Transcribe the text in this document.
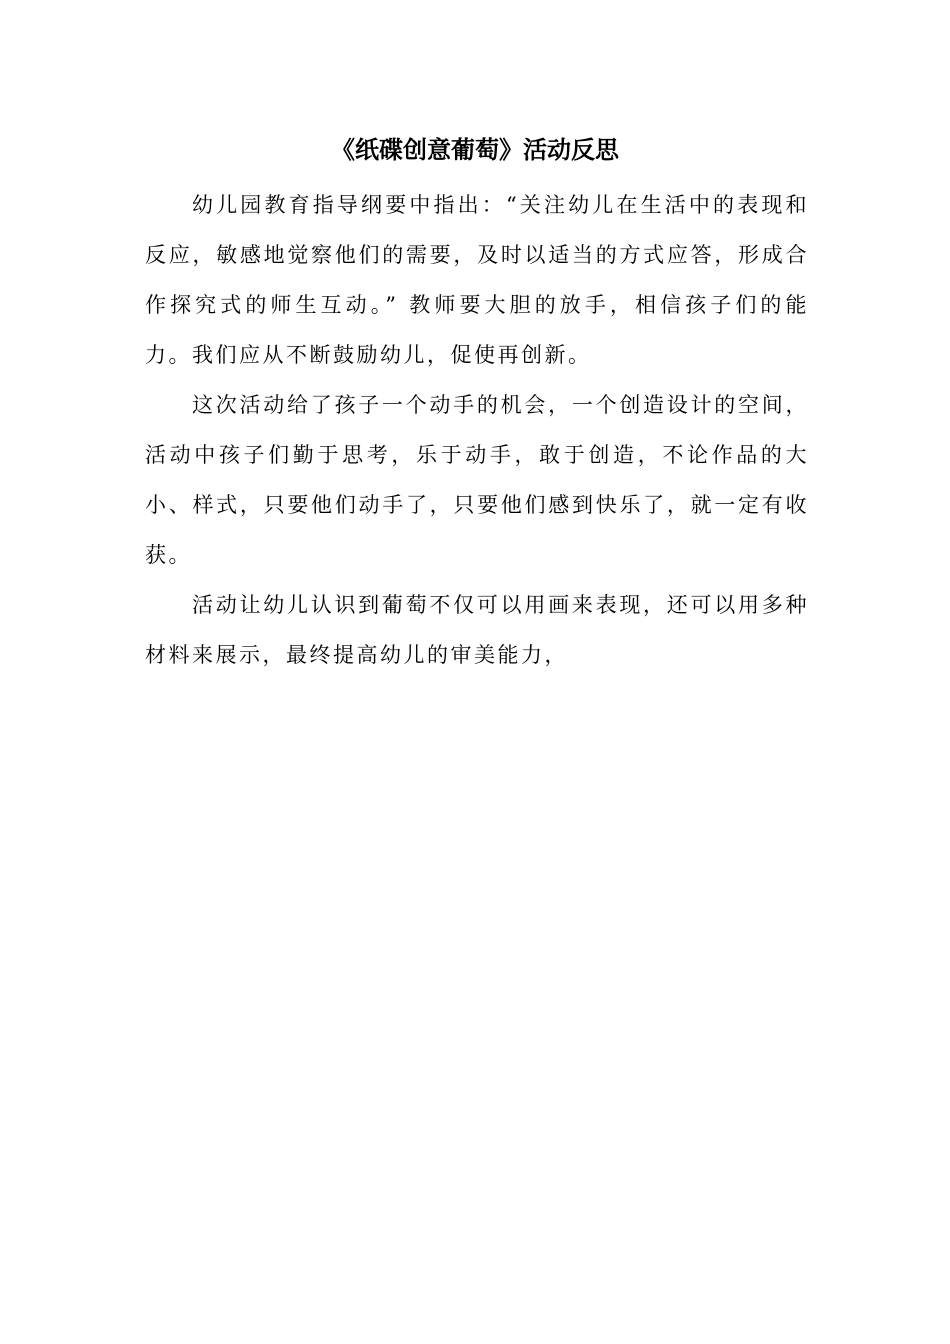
《纸碟创意葡萄》活动反思

幼儿园教育指导纲要中指出：“关注幼儿在生活中的表现和反应，敏感地觉察他们的需要，及时以适当的方式应答，形成合作探究式的师生互动。” 教师要大胆的放手，相信孩子们的能力。我们应从不断鼓励幼儿，促使再创新。

这次活动给了孩子一个动手的机会，一个创造设计的空间，活动中孩子们勤于思考，乐于动手，敢于创造，不论作品的大小、样式，只要他们动手了，只要他们感到快乐了，就一定有收获。

活动让幼儿认识到葡萄不仅可以用画来表现，还可以用多种材料来展示，最终提高幼儿的审美能力，
